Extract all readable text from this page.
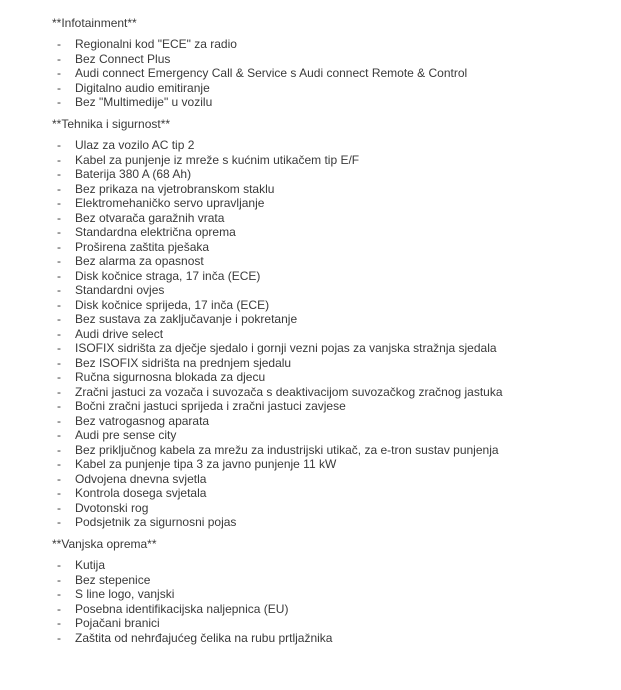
**Infotainment**
-	Regionalni kod "ECE" za radio
-	Bez Connect Plus
-	Audi connect Emergency Call & Service s Audi connect Remote & Control
-	Digitalno audio emitiranje
-	Bez "Multimedije" u vozilu
**Tehnika i sigurnost**
-	Ulaz za vozilo AC tip 2
-	Kabel za punjenje iz mreže s kućnim utikačem tip E/F
-	Baterija 380 A (68 Ah)
-	Bez prikaza na vjetrobranskom staklu
-	Elektromehaničko servo upravljanje
-	Bez otvarača garažnih vrata
-	Standardna električna oprema
-	Proširena zaštita pješaka
-	Bez alarma za opasnost
-	Disk kočnice straga, 17 inča (ECE)
-	Standardni ovjes
-	Disk kočnice sprijeda, 17 inča (ECE)
-	Bez sustava za zaključavanje i pokretanje
-	Audi drive select
-	ISOFIX sidrišta za dječje sjedalo i gornji vezni pojas za vanjska stražnja sjedala
-	Bez ISOFIX sidrišta na prednjem sjedalu
-	Ručna sigurnosna blokada za djecu
-	Zračni jastuci za vozača i suvozača s deaktivacijom suvozačkog zračnog jastuka
-	Bočni zračni jastuci sprijeda i zračni jastuci zavjese
-	Bez vatrogasnog aparata
-	Audi pre sense city
-	Bez priključnog kabela za mrežu za industrijski utikač, za e-tron sustav punjenja
-	Kabel za punjenje tipa 3 za javno punjenje 11 kW
-	Odvojena dnevna svjetla
-	Kontrola dosega svjetala
-	Dvotonski rog
-	Podsjetnik za sigurnosni pojas
**Vanjska oprema**
-	Kutija
-	Bez stepenice
-	S line logo, vanjski
-	Posebna identifikacijska naljepnica (EU)
-	Pojačani branici
-	Zaštita od nehrđajućeg čelika na rubu prtljažnika
